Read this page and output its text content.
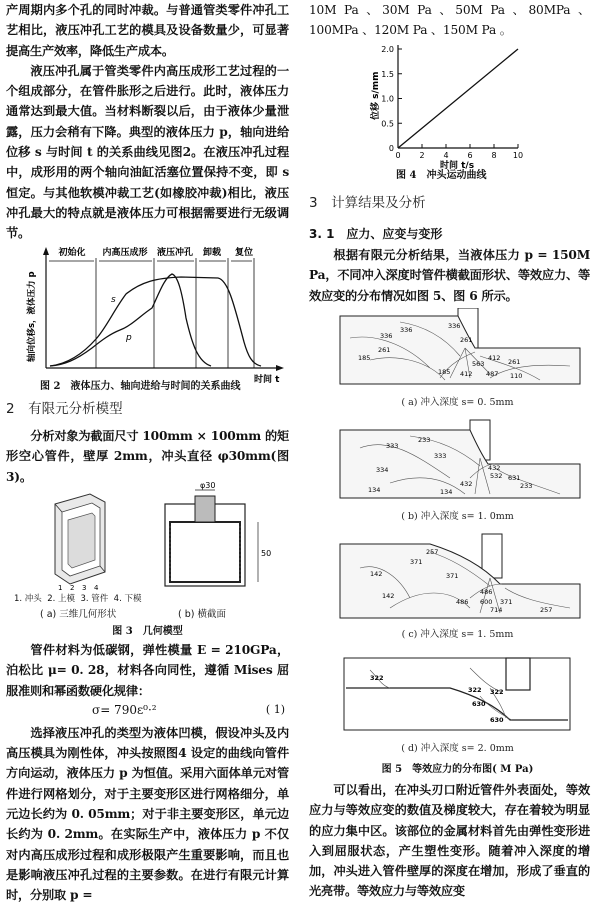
产周期内多个孔的同时冲裁。与普通管类零件冲孔工艺相比，液压冲孔工艺的模具及设备数量少，可显著提高生产效率，降低生产成本。

液压冲孔属于管类零件内高压成形工艺过程的一个组成部分，在管件胀形之后进行。此时，液体压力通常达到最大值。当材料断裂以后，由于液体少量泄露，压力会稍有下降。典型的液体压力 p，轴向进给位移 s 与时间 t 的关系曲线见图2。在液压冲孔过程中，成形用的两个轴向油缸活塞位置保持不变，即 s 恒定。与其他软模冲裁工艺(如橡胶冲裁)相比，液压冲孔最大的特点就是液体压力可根据需要进行无级调节。

初始化 内高压成形 液压冲孔 卸载 复位
s
p
时间 t
轴向位移s，液体压力 p
图 2　液体压力、轴向进给与时间的关系曲线

2　有限元分析模型

分析对象为截面尺寸 100mm × 100mm 的矩形空心管件，壁厚 2mm，冲头直径 φ30mm(图 3)。

1 2 3 4
φ30
50
1. 冲头 2. 上模 3. 管件 4. 下模
( a) 三维几何形状	( b) 横截面
图 3　几何模型

管件材料为低碳钢，弹性模量 E = 210GPa，泊松比 μ= 0. 28，材料各向同性，遵循 Mises 屈服准则和幂函数硬化规律：

σ= 790ε⁰·²	( 1)

选择液压冲孔的类型为液体凹模，假设冲头及内高压模具为刚性体，冲头按照图4 设定的曲线向管件方向运动，液体压力 p 为恒值。采用六面体单元对管件进行网格划分，对于主要变形区进行网格细分，单元边长约为 0. 05mm；对于非主要变形区，单元边长约为 0. 2mm。在实际生产中，液体压力 p 不仅对内高压成形过程和成形极限产生重要影响，而且也是影响液压冲孔过程的主要参数。在进行有限元计算时，分别取 p =

10M Pa 、30M Pa 、50M Pa 、80MPa 、100MPa 、120M Pa 、150M Pa 。

0
0.5
1.0
1.5
2.0
0 2 4 6 8 10
时间 t/s
位移 s/mm
图 4　冲头运动曲线

3　计算结果及分析

3. 1　应力、应变与变形

根据有限元分析结果，当液体压力 p = 150M Pa，不同冲入深度时管件横截面形状、等效应力、等效应变的分布情况如图 5、图 6 所示。

336
261
185
336	336
261
563
412 261
487
412
185	110
333
233
333
432
532 631
334
432	233
134	134
257
371
142	371
486
600
714
486	371
257
142
322
322
630
322
630
( a) 冲入深度 s= 0. 5mm
( b) 冲入深度 s= 1. 0mm
( c) 冲入深度 s= 1. 5mm
( d) 冲入深度 s= 2. 0mm
图 5　等效应力的分布图( M Pa)

可以看出，在冲头刃口附近管件外表面处，等效应力与等效应变的数值及梯度较大，存在着较为明显的应力集中区。该部位的金属材料首先由弹性变形进入到屈服状态，产生塑性变形。随着冲入深度的增加，冲头进入管件壁厚的深度在增加，形成了垂直的光亮带。等效应力与等效应变
